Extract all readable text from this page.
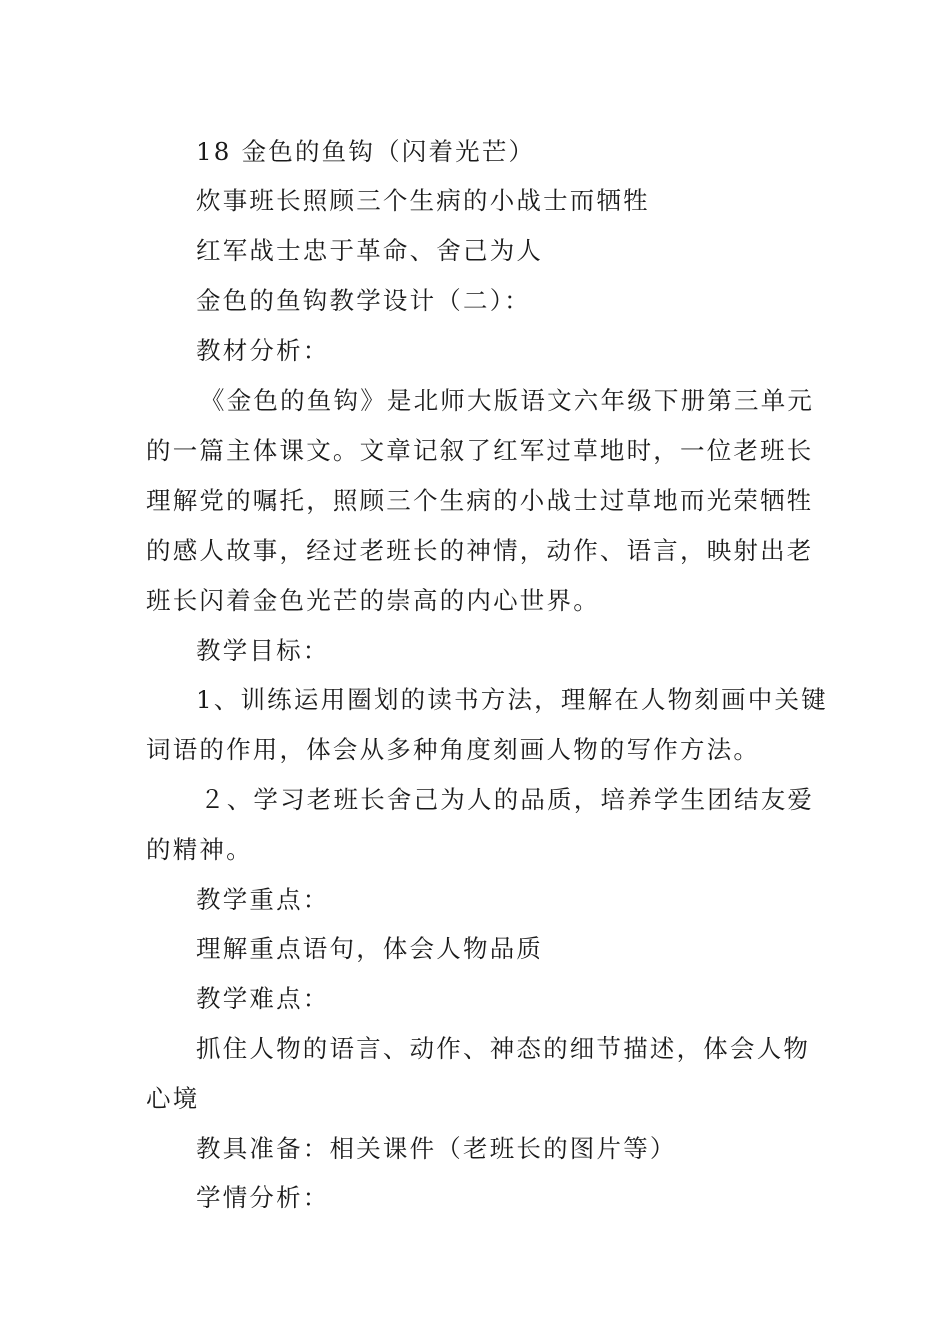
18 金色的鱼钩（闪着光芒）
炊事班长照顾三个生病的小战士而牺牲
红军战士忠于革命、舍己为人
金色的鱼钩教学设计（二）：
教材分析：
《金色的鱼钩》是北师大版语文六年级下册第三单元
的一篇主体课文。文章记叙了红军过草地时，一位老班长
理解党的嘱托，照顾三个生病的小战士过草地而光荣牺牲
的感人故事，经过老班长的神情，动作、语言，映射出老
班长闪着金色光芒的崇高的内心世界。
教学目标：
1、训练运用圈划的读书方法，理解在人物刻画中关键
词语的作用，体会从多种角度刻画人物的写作方法。
２、学习老班长舍己为人的品质，培养学生团结友爱
的精神。
教学重点：
理解重点语句，体会人物品质
教学难点：
抓住人物的语言、动作、神态的细节描述，体会人物
心境
教具准备：相关课件（老班长的图片等）
学情分析：
